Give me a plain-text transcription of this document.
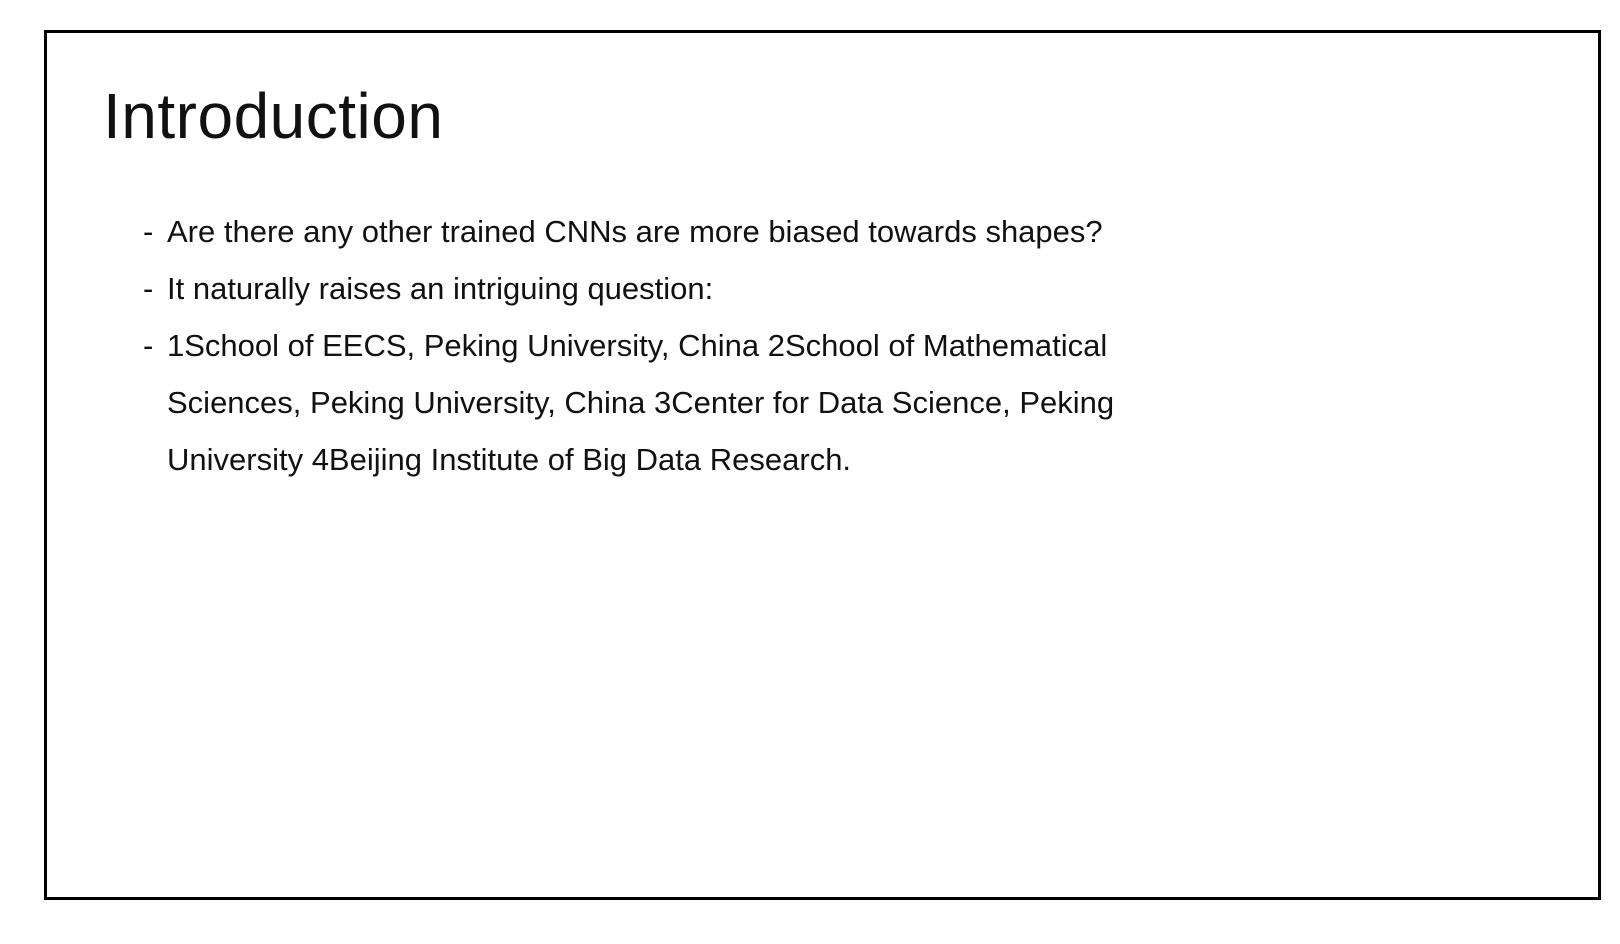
Introduction
- Are there any other trained CNNs are more biased towards shapes?
- It naturally raises an intriguing question:
- 1School of EECS, Peking University, China 2School of Mathematical Sciences, Peking University, China 3Center for Data Science, Peking University 4Beijing Institute of Big Data Research.
